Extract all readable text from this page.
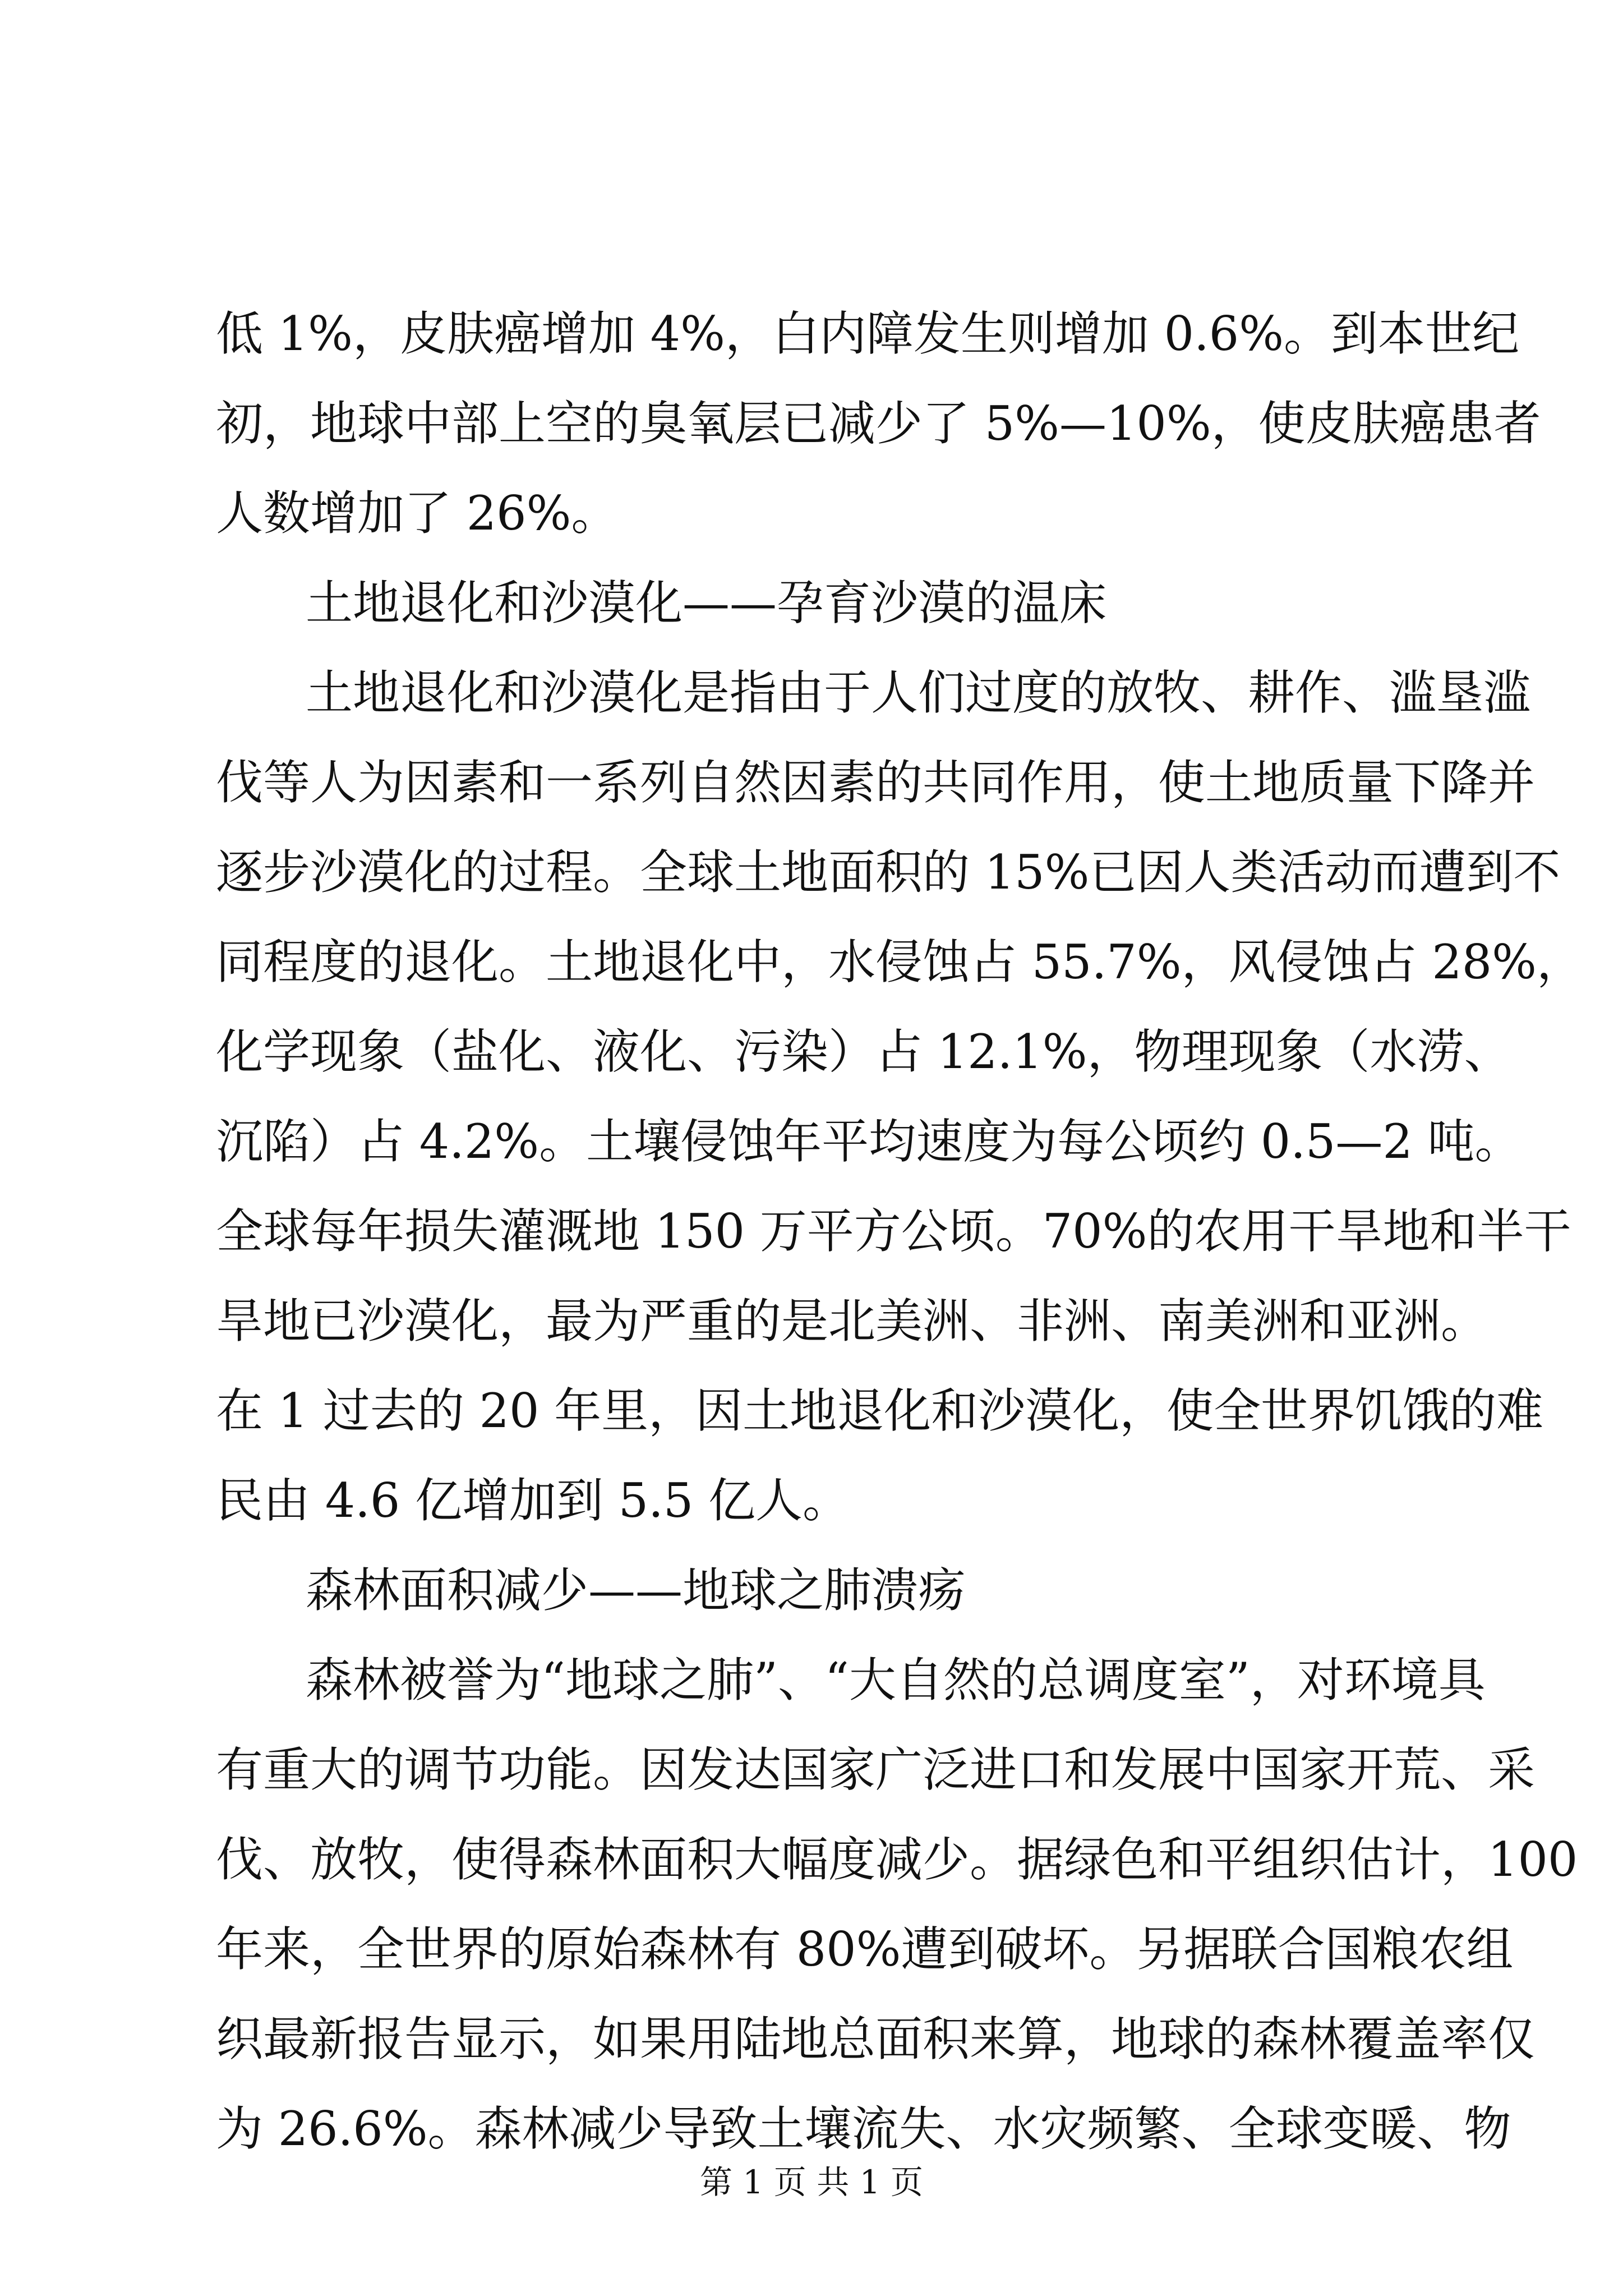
低 1%，皮肤癌增加 4%，白内障发生则增加 0.6%。到本世纪
初，地球中部上空的臭氧层已减少了 5%—10%，使皮肤癌患者
人数增加了 26%。
土地退化和沙漠化——孕育沙漠的温床
土地退化和沙漠化是指由于人们过度的放牧、耕作、滥垦滥
伐等人为因素和一系列自然因素的共同作用，使土地质量下降并
逐步沙漠化的过程。全球土地面积的 15%已因人类活动而遭到不
同程度的退化。土地退化中，水侵蚀占 55.7%，风侵蚀占 28%，
化学现象（盐化、液化、污染）占 12.1%，物理现象（水涝、
沉陷）占 4.2%。土壤侵蚀年平均速度为每公顷约 0.5—2 吨。
全球每年损失灌溉地 150 万平方公顷。70%的农用干旱地和半干
旱地已沙漠化，最为严重的是北美洲、非洲、南美洲和亚洲。
在 1 过去的 20 年里，因土地退化和沙漠化，使全世界饥饿的难
民由 4.6 亿增加到 5.5 亿人。
森林面积减少——地球之肺溃疡
森林被誉为“地球之肺”、“大自然的总调度室”，对环境具
有重大的调节功能。因发达国家广泛进口和发展中国家开荒、采
伐、放牧，使得森林面积大幅度减少。据绿色和平组织估计，100
年来，全世界的原始森林有 80%遭到破坏。另据联合国粮农组
织最新报告显示，如果用陆地总面积来算，地球的森林覆盖率仅
为 26.6%。森林减少导致土壤流失、水灾频繁、全球变暖、物
第 1 页 共 1 页
